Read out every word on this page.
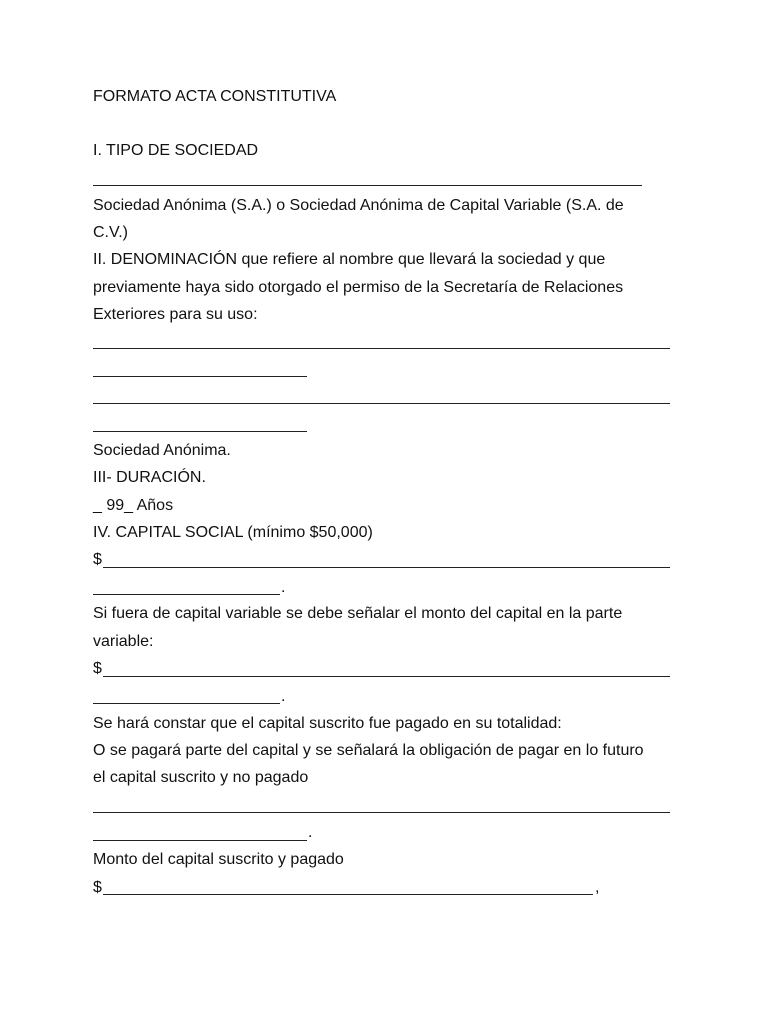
FORMATO ACTA CONSTITUTIVA
I. TIPO DE SOCIEDAD
Sociedad Anónima (S.A.) o Sociedad Anónima de Capital Variable (S.A. de
C.V.)
II. DENOMINACIÓN que refiere al nombre que llevará la sociedad y que
previamente haya sido otorgado el permiso de la Secretaría de Relaciones
Exteriores para su uso:
Sociedad Anónima.
III- DURACIÓN.
_ 99_ Años
IV. CAPITAL SOCIAL (mínimo $50,000)
$
.
Si fuera de capital variable se debe señalar el monto del capital en la parte
variable:
$
.
Se hará constar que el capital suscrito fue pagado en su totalidad:
O se pagará parte del capital y se señalará la obligación de pagar en lo futuro
el capital suscrito y no pagado
.
Monto del capital suscrito y pagado
$	,
